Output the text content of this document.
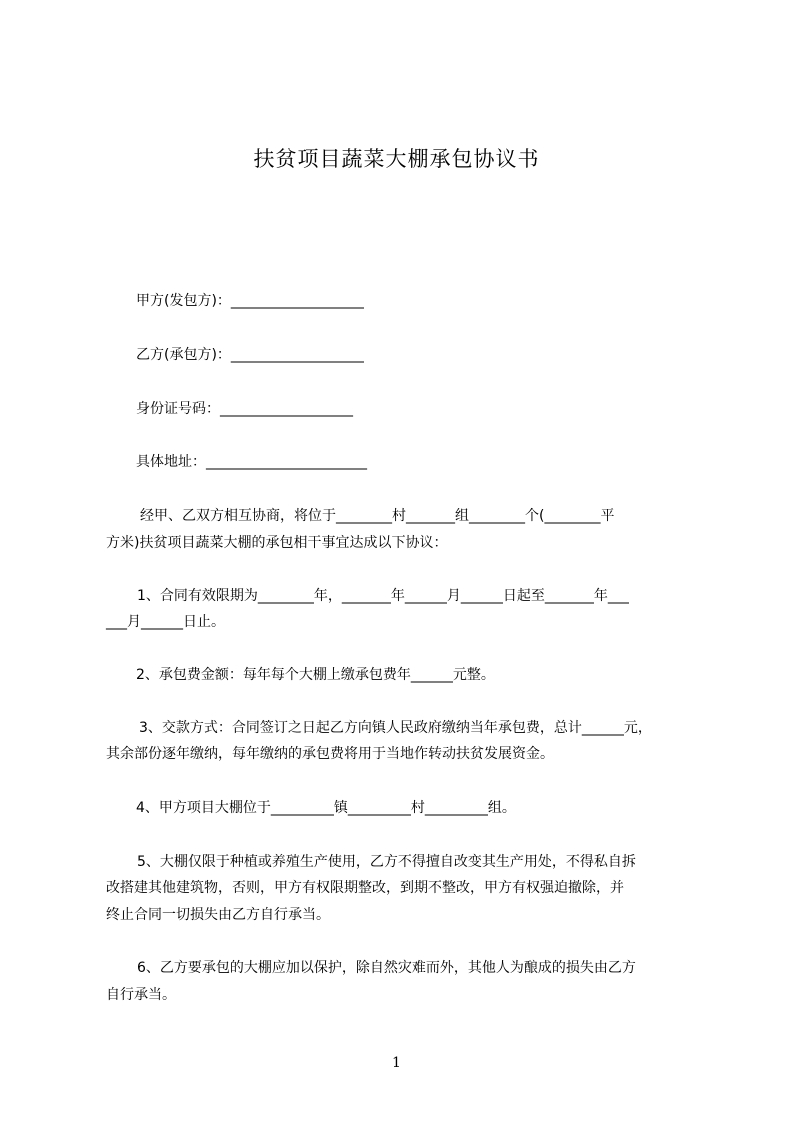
扶贫项目蔬菜大棚承包协议书
甲方(发包方)：___________________
乙方(承包方)：___________________
身份证号码：___________________
具体地址：_______________________
经甲、乙双方相互协商，将位于________村_______组________个(________平
方米)扶贫项目蔬菜大棚的承包相干事宜达成以下协议：
1、合同有效限期为________年，_______年______月______日起至_______年___
___月______日止。
2、承包费金额：每年每个大棚上缴承包费年______元整。
3、交款方式：合同签订之日起乙方向镇人民政府缴纳当年承包费，总计______元，
其余部份逐年缴纳，每年缴纳的承包费将用于当地作转动扶贫发展资金。
4、甲方项目大棚位于_________镇_________村_________组。
5、大棚仅限于种植或养殖生产使用，乙方不得擅自改变其生产用处，不得私自拆
改搭建其他建筑物，否则，甲方有权限期整改，到期不整改，甲方有权强迫撤除，并
终止合同一切损失由乙方自行承当。
6、乙方要承包的大棚应加以保护，除自然灾难而外，其他人为酿成的损失由乙方
自行承当。
1
